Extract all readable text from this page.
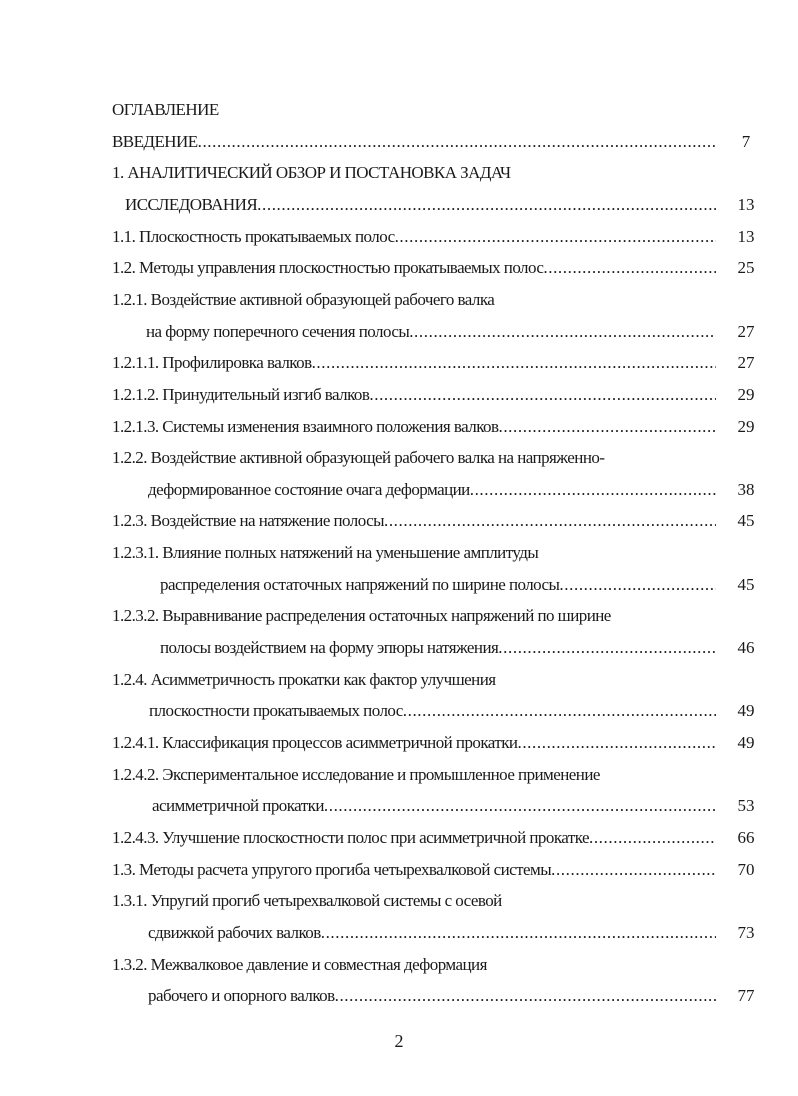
ОГЛАВЛЕНИЕ
7
ВВЕДЕНИЕ
.....
1. АНАЛИТИЧЕСКИЙ ОБЗОР И ПОСТАНОВКА ЗАДАЧ
13
ИССЛЕДОВАНИЯ
.....
13
1.1. Плоскостность прокатываемых полос
.....
25
1.2. Методы управления плоскостностью прокатываемых полос
.....
1.2.1. Воздействие активной образующей рабочего валка
27
на форму поперечного сечения полосы
.....
27
1.2.1.1. Профилировка валков
.....
29
1.2.1.2. Принудительный изгиб валков
.....
29
1.2.1.3. Системы изменения взаимного положения валков
.....
1.2.2. Воздействие активной образующей рабочего валка на напряженно-
38
деформированное состояние очага деформации
.....
45
1.2.3. Воздействие на натяжение полосы
.....
1.2.3.1. Влияние полных натяжений на уменьшение амплитуды
45
распределения остаточных напряжений по ширине полосы
.....
1.2.3.2. Выравнивание распределения остаточных напряжений по ширине
46
полосы воздействием на форму эпюры натяжения
.....
1.2.4. Асимметричность прокатки как фактор улучшения
49
плоскостности прокатываемых полос
.....
49
1.2.4.1. Классификация процессов асимметричной прокатки
.....
1.2.4.2. Экспериментальное исследование и промышленное применение
53
асимметричной прокатки
.....
66
1.2.4.3. Улучшение плоскостности полос при асимметричной прокатке
.....
70
1.3. Методы расчета упругого прогиба четырехвалковой системы
.....
1.3.1. Упругий прогиб четырехвалковой системы с осевой
73
сдвижкой рабочих валков
.....
1.3.2. Межвалковое давление и совместная деформация
77
рабочего и опорного валков
.....
2
